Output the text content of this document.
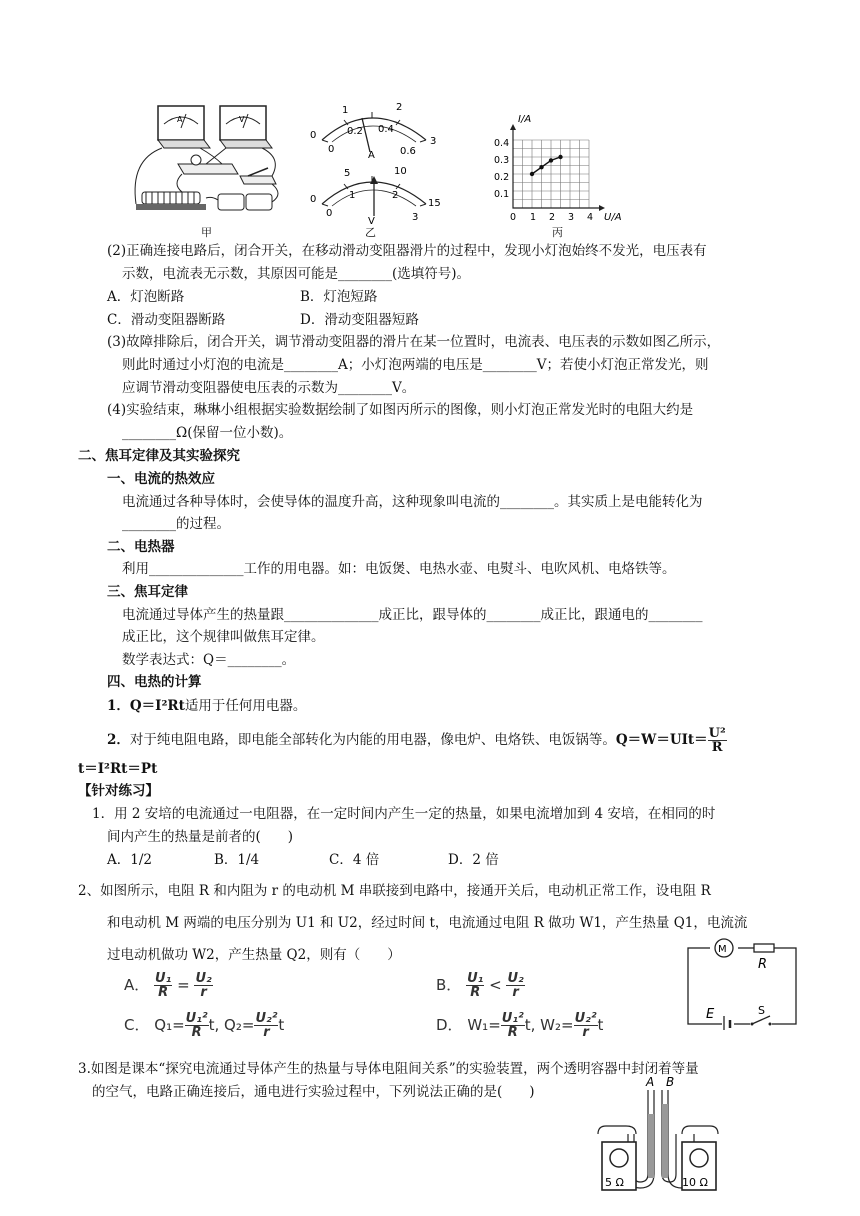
A	V
甲
0
1	2
3
0
0.2 0.4
0.6
A
0
5	10
15
0
1	2
3
V
乙
I/A
U/A
0.4
0.3
0.2
0.1
0 1 2 3 4
丙
(2)正确连接电路后，闭合开关，在移动滑动变阻器滑片的过程中，发现小灯泡始终不发光，电压表有
示数，电流表无示数，其原因可能是________(选填符号)。
A．灯泡断路	B．灯泡短路
C．滑动变阻器断路	D．滑动变阻器短路
(3)故障排除后，闭合开关，调节滑动变阻器的滑片在某一位置时，电流表、电压表的示数如图乙所示，
则此时通过小灯泡的电流是________A；小灯泡两端的电压是________V；若使小灯泡正常发光，则
应调节滑动变阻器使电压表的示数为________V。
(4)实验结束，琳琳小组根据实验数据绘制了如图丙所示的图像，则小灯泡正常发光时的电阻大约是
________Ω(保留一位小数)。
二、焦耳定律及其实验探究
一、电流的热效应
电流通过各种导体时，会使导体的温度升高，这种现象叫电流的________。其实质上是电能转化为
________的过程。
二、电热器
利用______________工作的用电器。如：电饭煲、电热水壶、电熨斗、电吹风机、电烙铁等。
三、焦耳定律
电流通过导体产生的热量跟______________成正比，跟导体的________成正比，跟通电的________
成正比，这个规律叫做焦耳定律。
数学表达式：Q＝________。
四、电热的计算
1．Q＝I²Rt适用于任何用电器。
2．对于纯电阻电路，即电能全部转化为内能的用电器，像电炉、电烙铁、电饭锅等。$Q=W=UIt= \frac{\text{U²}}{R}$
t＝I²Rt＝Pt
【针对练习】
1．用 2 安培的电流通过一电阻器，在一定时间内产生一定的热量，如果电流增加到 4 安培，在相同的时
间内产生的热量是前者的(　　)
A．1/2	B．1/4	C．4 倍	D．2 倍
2、如图所示，电阻 R 和内阻为 r 的电动机 M 串联接到电路中，接通开关后，电动机正常工作，设电阻 R
和电动机 M 两端的电压分别为 U1 和 U2，经过时间 t，电流通过电阻 R 做功 W1，产生热量 Q1，电流流
过电动机做功 W2，产生热量 Q2，则有（　　）
A． $\frac{\text{U₁}}{R} = \frac{\text{U₂}}{r}$	B． $\frac{\text{U₁}}{R} < \frac{\text{U₂}}{r}$
C． $Q_1= \frac{\text{U₁²}}{R} t$, $Q_2= \frac{\text{U₂²}}{r}$ t	D． $W_1= \frac{\text{U₁²}}{R} t$, $W_2= \frac{\text{U₂²}}{r}$ t
M
R
E	S
3.如图是课本“探究电流通过导体产生的热量与导体电阻间关系”的实验装置，两个透明容器中封闭着等量
的空气，电路正确连接后，通电进行实验过程中，下列说法正确的是(　　)
A B
5 Ω	10 Ω
